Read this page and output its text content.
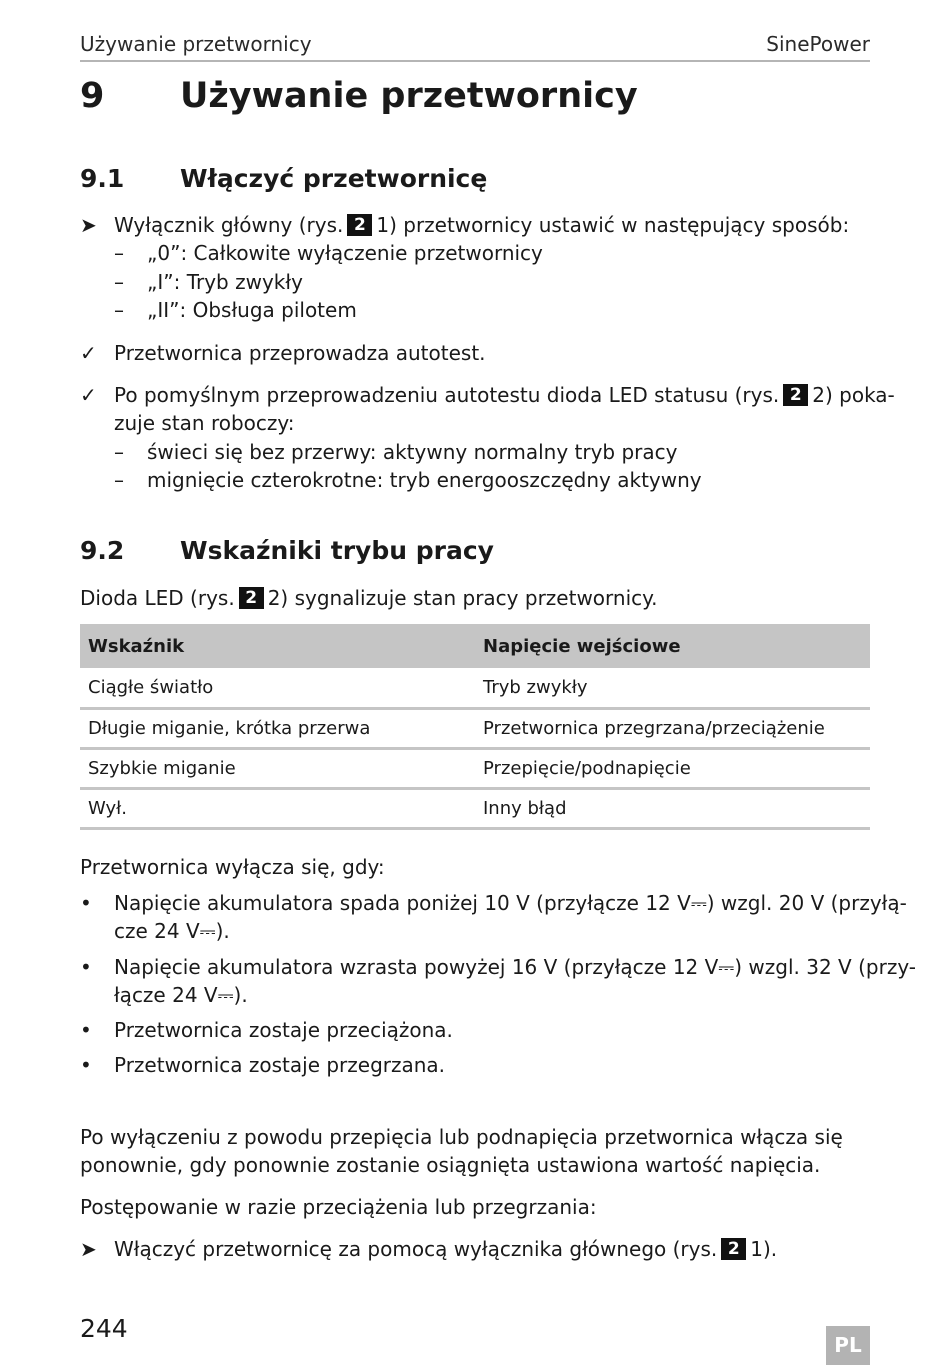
Używanie przetwornicy	SinePower
9 Używanie przetwornicy
9.1 Włączyć przetwornicę
➤ Wyłącznik główny (rys. 2 1) przetwornicy ustawić w następujący sposób:
– „0”: Całkowite wyłączenie przetwornicy
– „I”: Tryb zwykły
– „II”: Obsługa pilotem
✓ Przetwornica przeprowadza autotest.
✓ Po pomyślnym przeprowadzeniu autotestu dioda LED statusu (rys. 2 2) poka-
zuje stan roboczy:
– świeci się bez przerwy: aktywny normalny tryb pracy
– mignięcie czterokrotne: tryb energooszczędny aktywny
9.2 Wskaźniki trybu pracy
Dioda LED (rys. 2 2) sygnalizuje stan pracy przetwornicy.
Wskaźnik	Napięcie wejściowe
Ciągłe światło	Tryb zwykły
Długie miganie, krótka przerwa	Przetwornica przegrzana/przeciążenie
Szybkie miganie	Przepięcie/podnapięcie
Wył.	Inny błąd
Przetwornica wyłącza się, gdy:
• Napięcie akumulatora spada poniżej 10 V (przyłącze 12 V⎓) wzgl. 20 V (przyłą-
cze 24 V⎓).
• Napięcie akumulatora wzrasta powyżej 16 V (przyłącze 12 V⎓) wzgl. 32 V (przy-
łącze 24 V⎓).
• Przetwornica zostaje przeciążona.
• Przetwornica zostaje przegrzana.
Po wyłączeniu z powodu przepięcia lub podnapięcia przetwornica włącza się
ponownie, gdy ponownie zostanie osiągnięta ustawiona wartość napięcia.
Postępowanie w razie przeciążenia lub przegrzania:
➤ Włączyć przetwornicę za pomocą wyłącznika głównego (rys. 2 1).
244
PL
